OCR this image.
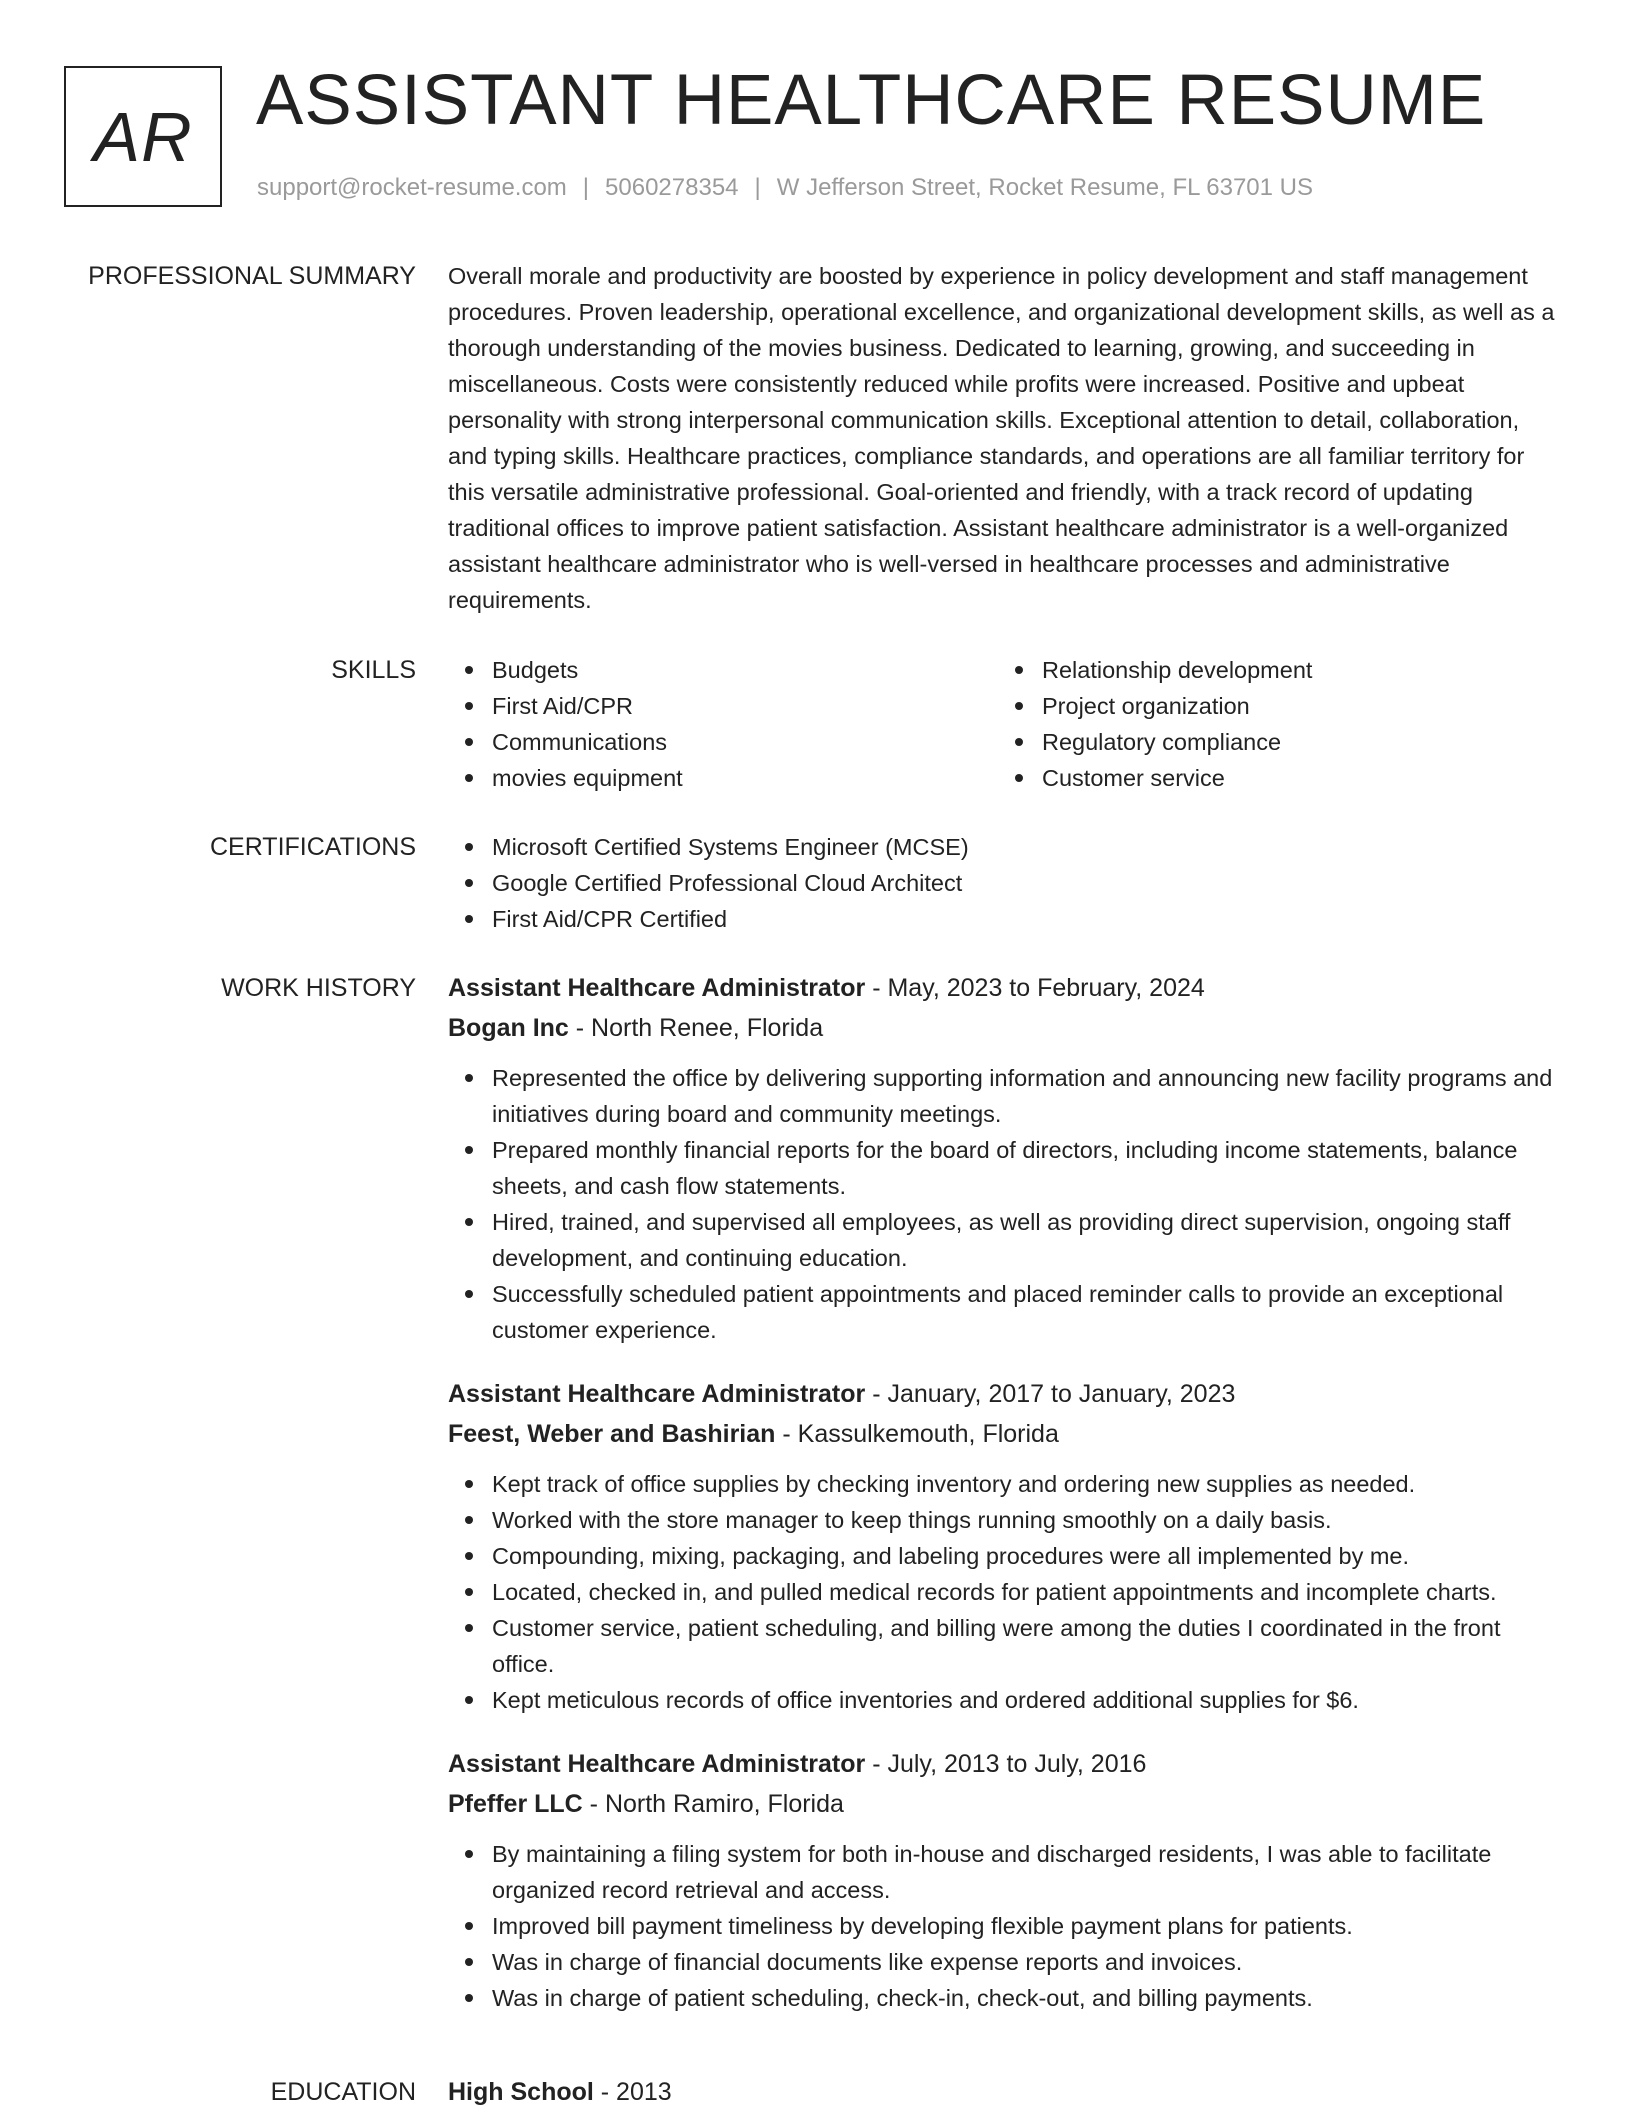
AR ASSISTANT HEALTHCARE RESUME
support@rocket-resume.com | 5060278354 | W Jefferson Street, Rocket Resume, FL 63701 US
PROFESSIONAL SUMMARY Overall morale and productivity are boosted by experience in policy development and staff management procedures. Proven leadership, operational excellence, and organizational development skills, as well as a thorough understanding of the movies business. Dedicated to learning, growing, and succeeding in miscellaneous. Costs were consistently reduced while profits were increased. Positive and upbeat personality with strong interpersonal communication skills. Exceptional attention to detail, collaboration, and typing skills. Healthcare practices, compliance standards, and operations are all familiar territory for this versatile administrative professional. Goal-oriented and friendly, with a track record of updating traditional offices to improve patient satisfaction. Assistant healthcare administrator is a well-organized assistant healthcare administrator who is well-versed in healthcare processes and administrative requirements.

SKILLS	Budgets
First Aid/CPR
Communications
movies equipment
Relationship development
Project organization
Regulatory compliance
Customer service
CERTIFICATIONS	Microsoft Certified Systems Engineer (MCSE)
Google Certified Professional Cloud Architect
First Aid/CPR Certified
WORK HISTORY Assistant Healthcare Administrator - May, 2023 to February, 2024
Bogan Inc - North Renee, Florida
Represented the office by delivering supporting information and announcing new facility programs and initiatives during board and community meetings.
Prepared monthly financial reports for the board of directors, including income statements, balance sheets, and cash flow statements.
Hired, trained, and supervised all employees, as well as providing direct supervision, ongoing staff development, and continuing education.
Successfully scheduled patient appointments and placed reminder calls to provide an exceptional customer experience.
Assistant Healthcare Administrator - January, 2017 to January, 2023
Feest, Weber and Bashirian - Kassulkemouth, Florida
Kept track of office supplies by checking inventory and ordering new supplies as needed.
Worked with the store manager to keep things running smoothly on a daily basis.
Compounding, mixing, packaging, and labeling procedures were all implemented by me.
Located, checked in, and pulled medical records for patient appointments and incomplete charts.
Customer service, patient scheduling, and billing were among the duties I coordinated in the front office.
Kept meticulous records of office inventories and ordered additional supplies for $6.
Assistant Healthcare Administrator - July, 2013 to July, 2016
Pfeffer LLC - North Ramiro, Florida
By maintaining a filing system for both in-house and discharged residents, I was able to facilitate organized record retrieval and access.
Improved bill payment timeliness by developing flexible payment plans for patients.
Was in charge of financial documents like expense reports and invoices.
Was in charge of patient scheduling, check-in, check-out, and billing payments.
EDUCATION High School - 2013
